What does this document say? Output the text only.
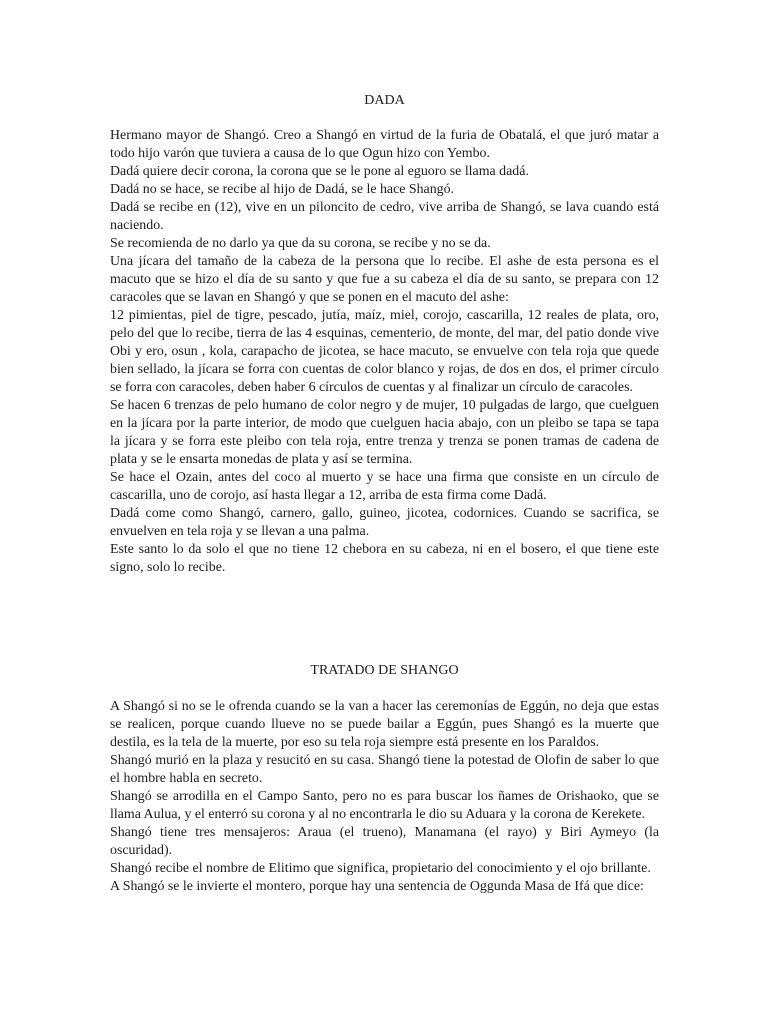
DADA

Hermano mayor de Shangó. Creo a Shangó en virtud de la furia de Obatalá, el que juró matar a todo hijo varón que tuviera a causa de lo que Ogun hizo con Yembo.

Dadá quiere decir corona, la corona que se le pone al eguoro se llama dadá.

Dadá no se hace, se recibe al hijo de Dadá, se le hace Shangó.

Dadá se recibe en (12), vive en un piloncito de cedro, vive arriba de Shangó, se lava cuando está naciendo.

Se recomienda de no darlo ya que da su corona, se recibe y no se da.

Una jícara del tamaño de la cabeza de la persona que lo recibe. El ashe de esta persona es el macuto que se hizo el día de su santo y que fue a su cabeza el día de su santo, se prepara con 12 caracoles que se lavan en Shangó y que se ponen en el macuto del ashe:

12 pimientas, piel de tigre, pescado, jutía, maíz, miel, corojo, cascarilla, 12 reales de plata, oro, pelo del que lo recibe, tierra de las 4 esquinas, cementerio, de monte, del mar, del patio donde vive Obi y ero, osun , kola, carapacho de jicotea, se hace macuto, se envuelve con tela roja que quede bien sellado, la jícara se forra con cuentas de color blanco y rojas, de dos en dos, el primer círculo se forra con caracoles, deben haber 6 círculos de cuentas y al finalizar un círculo de caracoles.

Se hacen 6 trenzas de pelo humano de color negro y de mujer, 10 pulgadas de largo, que cuelguen en la jícara por la parte interior, de modo que cuelguen hacia abajo, con un pleibo se tapa se tapa la jícara y se forra este pleibo con tela roja, entre trenza y trenza se ponen tramas de cadena de plata y se le ensarta monedas de plata y así se termina.

Se hace el Ozain, antes del coco al muerto y se hace una firma que consiste en un círculo de cascarilla, uno de corojo, así hasta llegar a 12, arriba de esta firma come Dadá.

Dadá come como Shangó, carnero, gallo, guineo, jicotea, codornices. Cuando se sacrifica, se envuelven en tela roja y se llevan a una palma.

Este santo lo da solo el que no tiene 12 chebora en su cabeza, ni en el bosero, el que tiene este signo, solo lo recibe.

TRATADO DE SHANGO

A Shangó si no se le ofrenda cuando se la van a hacer las ceremonías de Eggún, no deja que estas se realicen, porque cuando llueve no se puede bailar a Eggún, pues Shangó es la muerte que destila, es la tela de la muerte, por eso su tela roja siempre está presente en los Paraldos.

Shangó murió en la plaza y resucitó en su casa. Shangó tiene la potestad de Olofin de saber lo que el hombre habla en secreto.

Shangó se arrodilla en el Campo Santo, pero no es para buscar los ñames de Orishaoko, que se llama Aulua, y el enterró su corona y al no encontrarla le dio su Aduara y la corona de Kerekete.

Shangó tiene tres mensajeros: Araua (el trueno), Manamana (el rayo) y Biri Aymeyo (la oscuridad).

Shangó recibe el nombre de Elitimo que significa, propietario del conocimiento y el ojo brillante.

A Shangó se le invierte el montero, porque hay una sentencia de Oggunda Masa de Ifá que dice:
